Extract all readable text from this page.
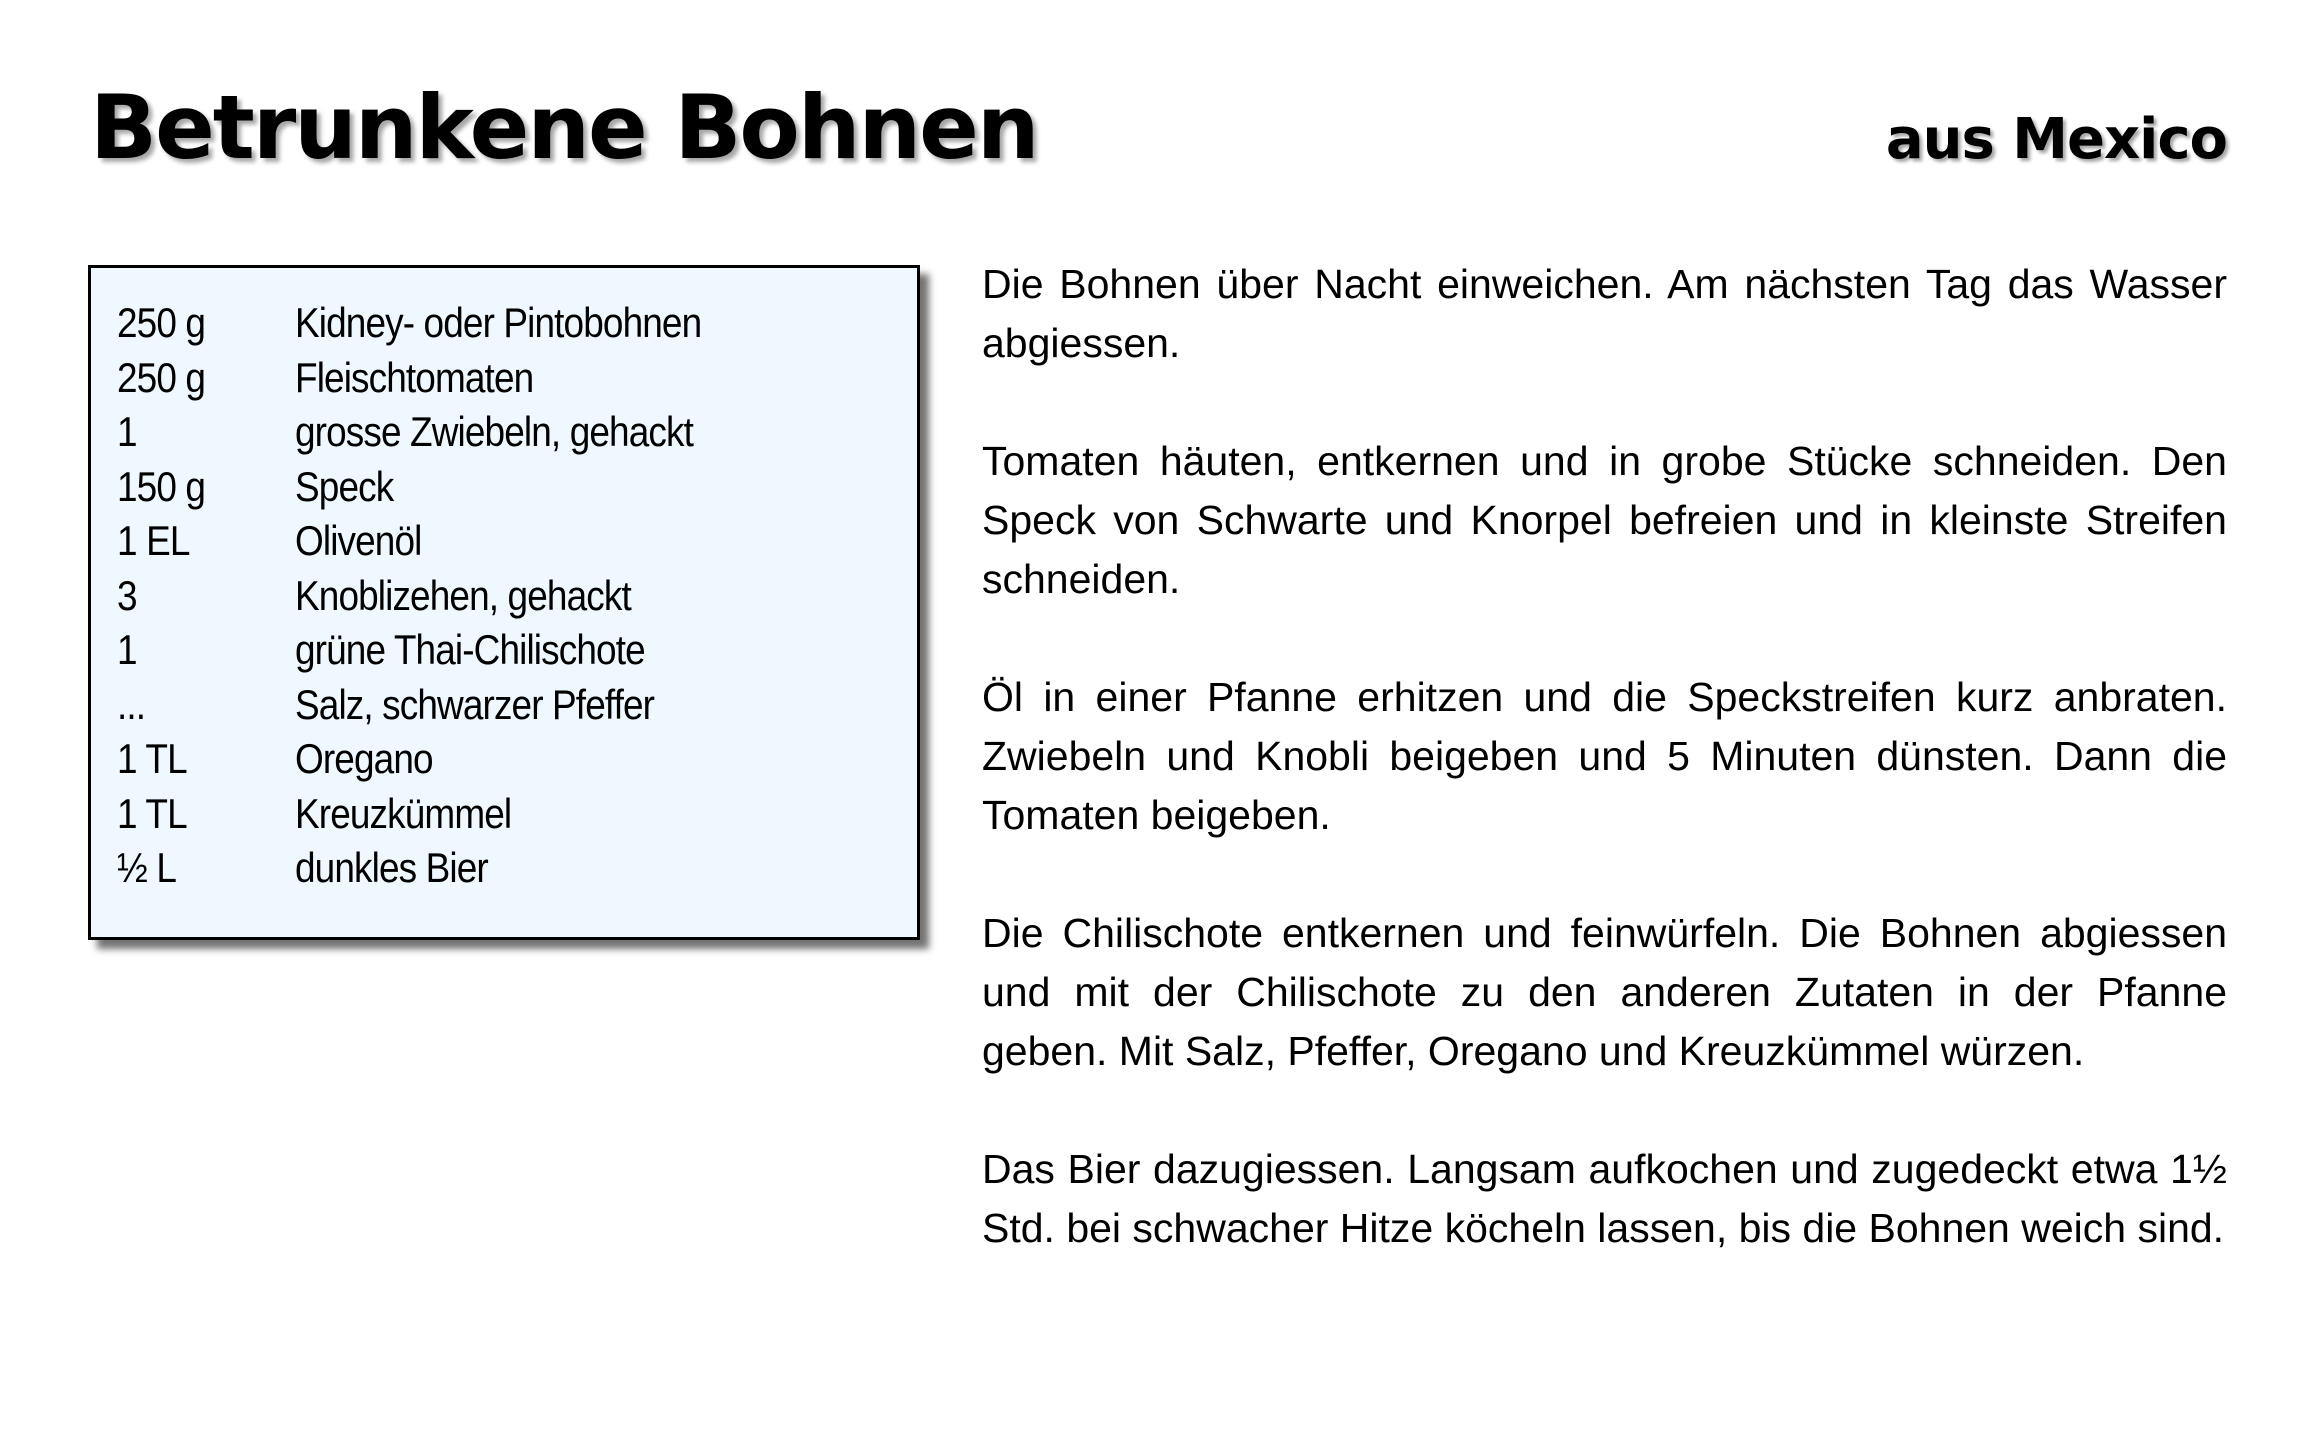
Betrunkene Bohnen	aus Mexico
250 g	Kidney- oder Pintobohnen
250 g	Fleischtomaten
1	grosse Zwiebeln, gehackt
150 g	Speck
1 EL	Olivenöl
3	Knoblizehen, gehackt
1	grüne Thai-Chilischote
...	Salz, schwarzer Pfeffer
1 TL	Oregano
1 TL	Kreuzkümmel
½ L	dunkles Bier

Die Bohnen über Nacht einweichen. Am nächsten Tag das Wasser abgiessen.

Tomaten häuten, entkernen und in grobe Stücke schneiden. Den Speck von Schwarte und Knorpel befreien und in kleinste Streifen schneiden.

Öl in einer Pfanne erhitzen und die Speckstreifen kurz anbraten. Zwiebeln und Knobli beigeben und 5 Minuten dünsten. Dann die Tomaten beigeben.

Die Chilischote entkernen und feinwürfeln. Die Bohnen abgiessen und mit der Chilischote zu den anderen Zutaten in der Pfanne geben. Mit Salz, Pfeffer, Oregano und Kreuzkümmel würzen.

Das Bier dazugiessen. Langsam aufkochen und zugedeckt etwa 1½ Std. bei schwacher Hitze köcheln lassen, bis die Bohnen weich sind.
